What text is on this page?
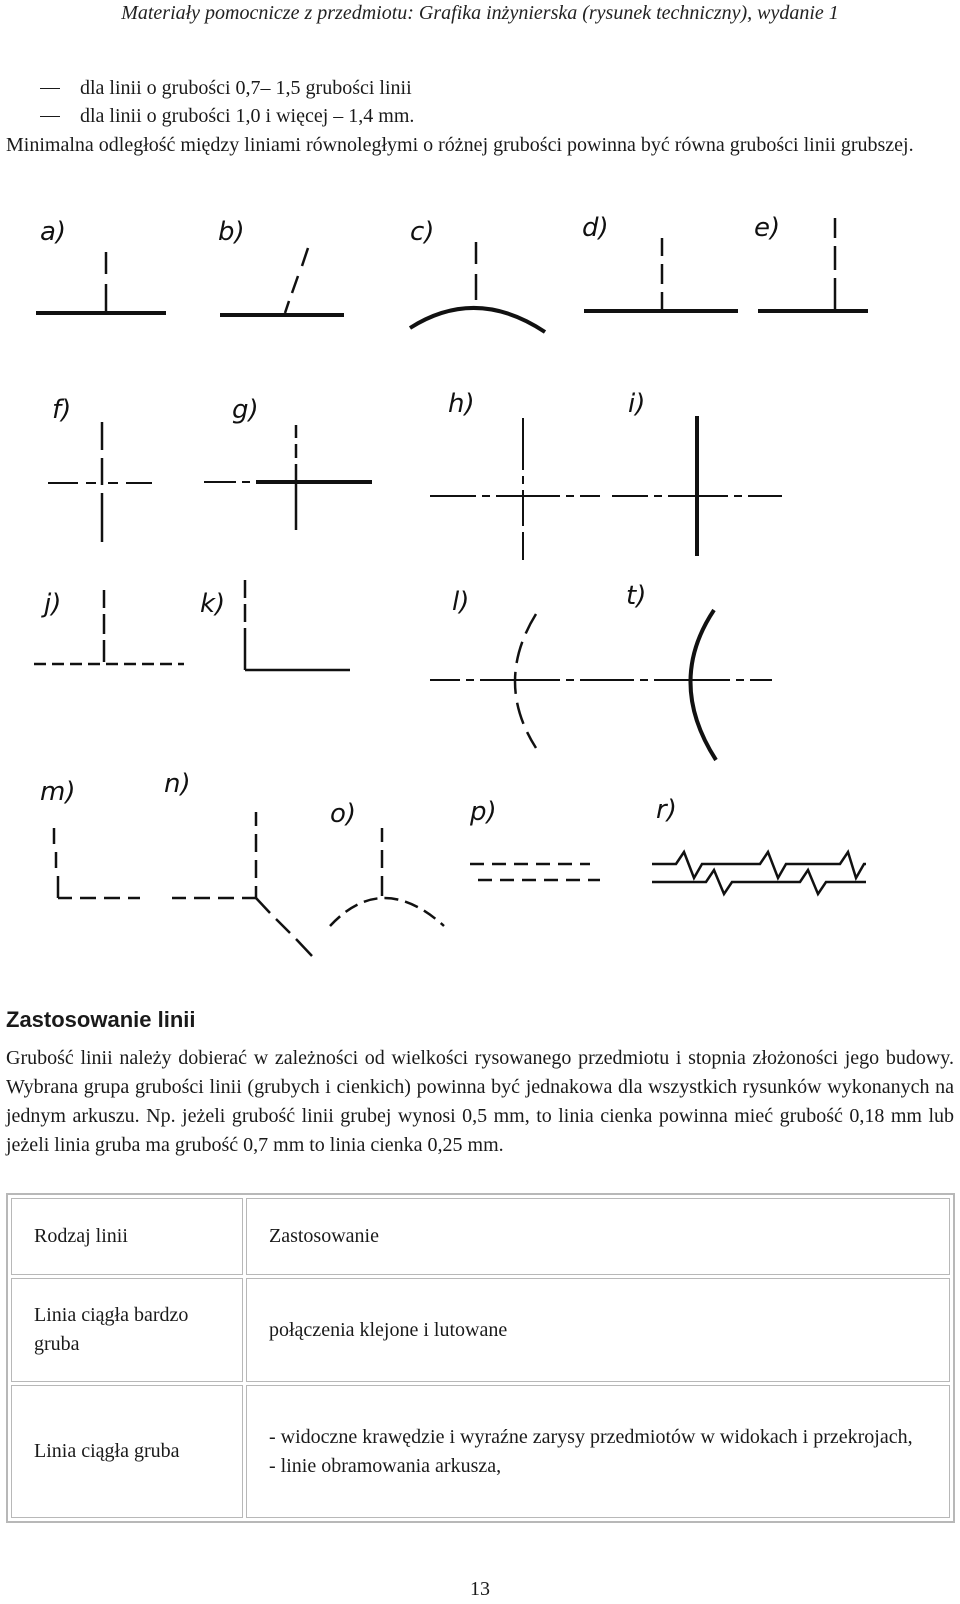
Materiały pomocnicze z przedmiotu: Grafika inżynierska (rysunek techniczny), wydanie 1
dla linii o grubości 0,7– 1,5 grubości linii
dla linii o grubości 1,0 i więcej – 1,4 mm.
Minimalna odległość między liniami równoległymi o różnej grubości powinna być równa grubości linii grubszej.
a)	b)	c)	d)	e)
f)	g)	h)	i)
j)	k)	l)	t)
m)	n)
o)	p)	r)
Zastosowanie linii

Grubość linii należy dobierać w zależności od wielkości rysowanego przedmiotu i stopnia złożoności jego budowy. Wybrana grupa grubości linii (grubych i cienkich) powinna być jednakowa dla wszystkich rysunków wykonanych na jednym arkuszu. Np. jeżeli grubość linii grubej wynosi 0,5 mm, to linia cienka powinna mieć grubość 0,18 mm lub jeżeli linia gruba ma grubość 0,7 mm to linia cienka 0,25 mm.

Rodzaj linii	Zastosowanie
Linia ciągła bardzo gruba	połączenia klejone i lutowane

Linia ciągła gruba	- widoczne krawędzie i wyraźne zarysy przedmiotów w widokach i przekrojach,
- linie obramowania arkusza,
13
